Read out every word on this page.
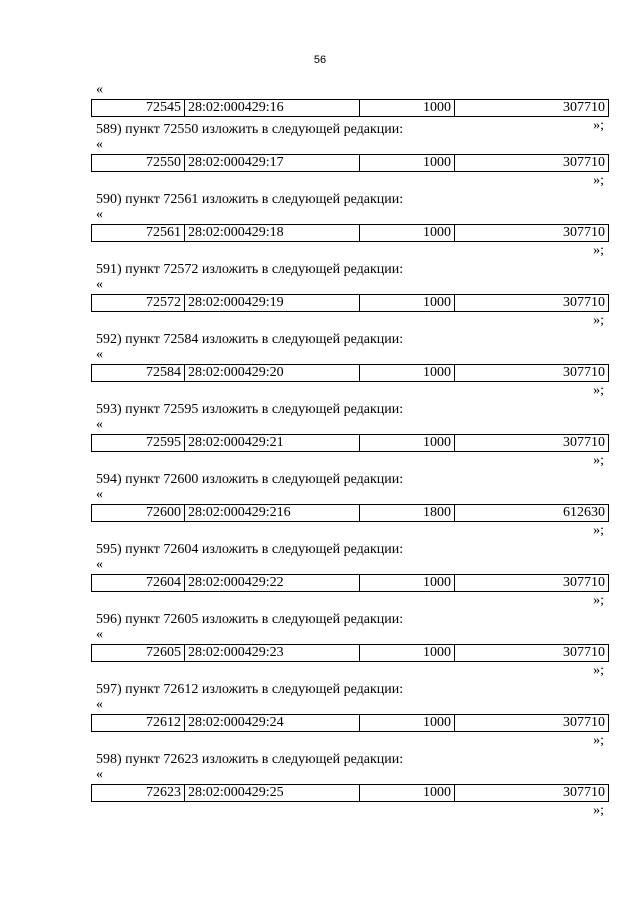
56
«
72545	28:02:000429:16	1000	307710
»;
589) пункт 72550 изложить в следующей редакции:
«
72550	28:02:000429:17	1000	307710
»;
590) пункт 72561 изложить в следующей редакции:
«
72561	28:02:000429:18	1000	307710
»;
591) пункт 72572 изложить в следующей редакции:
«
72572	28:02:000429:19	1000	307710
»;
592) пункт 72584 изложить в следующей редакции:
«
72584	28:02:000429:20	1000	307710
»;
593) пункт 72595 изложить в следующей редакции:
«
72595	28:02:000429:21	1000	307710
»;
594) пункт 72600 изложить в следующей редакции:
«
72600	28:02:000429:216	1800	612630
»;
595) пункт 72604 изложить в следующей редакции:
«
72604	28:02:000429:22	1000	307710
»;
596) пункт 72605 изложить в следующей редакции:
«
72605	28:02:000429:23	1000	307710
»;
597) пункт 72612 изложить в следующей редакции:
«
72612	28:02:000429:24	1000	307710
»;
598) пункт 72623 изложить в следующей редакции:
«
72623	28:02:000429:25	1000	307710
»;
